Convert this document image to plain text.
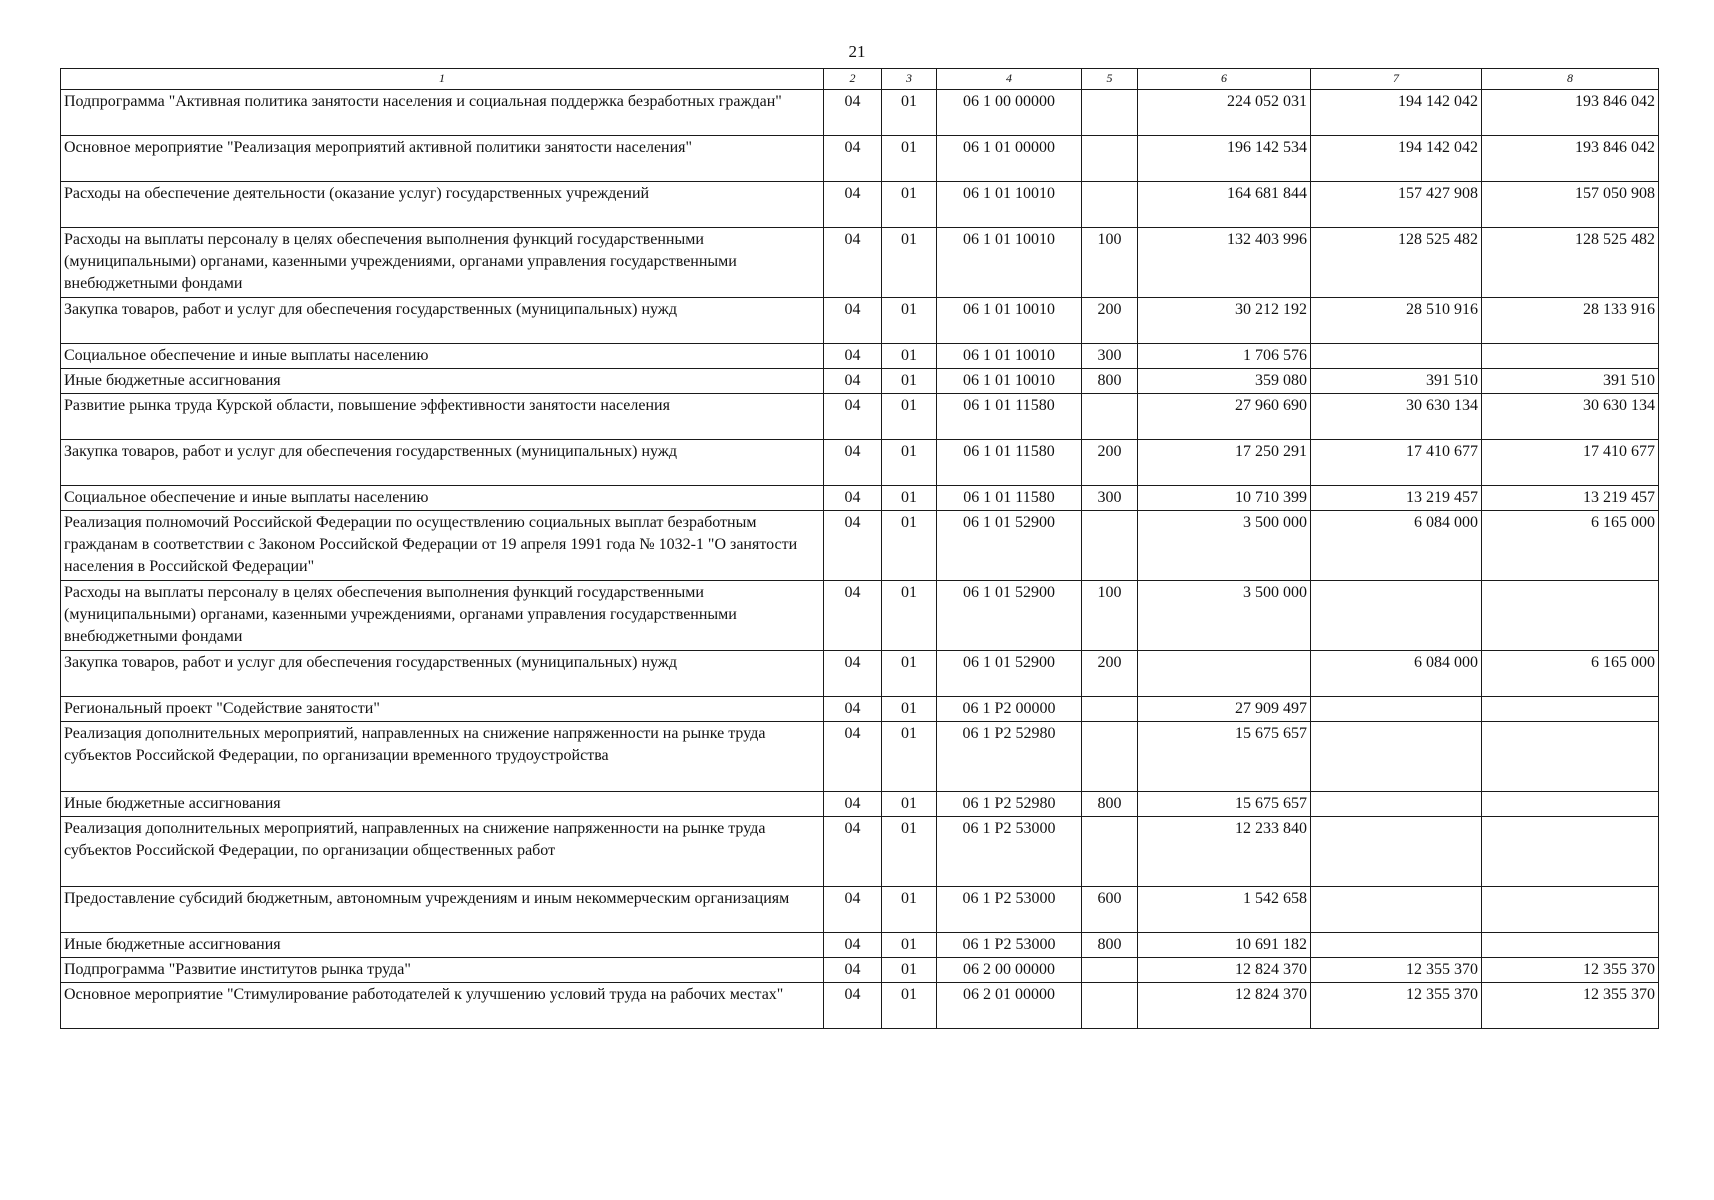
21
1	2	3	4	5	6	7	8
Подпрограмма "Активная политика занятости населения и социальная поддержка безработных граждан"	04	01	06 1 00 00000		224 052 031	194 142 042	193 846 042
Основное мероприятие "Реализация мероприятий активной политики занятости населения"	04	01	06 1 01 00000		196 142 534	194 142 042	193 846 042
Расходы на обеспечение деятельности (оказание услуг) государственных учреждений	04	01	06 1 01 10010		164 681 844	157 427 908	157 050 908
Расходы на выплаты персоналу в целях обеспечения выполнения функций государственными (муниципальными) органами, казенными учреждениями, органами управления государственными внебюджетными фондами	04	01	06 1 01 10010	100	132 403 996	128 525 482	128 525 482
Закупка товаров, работ и услуг для обеспечения государственных (муниципальных) нужд	04	01	06 1 01 10010	200	30 212 192	28 510 916	28 133 916
Социальное обеспечение и иные выплаты населению	04	01	06 1 01 10010	300	1 706 576		
Иные бюджетные ассигнования	04	01	06 1 01 10010	800	359 080	391 510	391 510
Развитие рынка труда Курской области, повышение эффективности занятости населения	04	01	06 1 01 11580		27 960 690	30 630 134	30 630 134
Закупка товаров, работ и услуг для обеспечения государственных (муниципальных) нужд	04	01	06 1 01 11580	200	17 250 291	17 410 677	17 410 677
Социальное обеспечение и иные выплаты населению	04	01	06 1 01 11580	300	10 710 399	13 219 457	13 219 457
Реализация полномочий Российской Федерации по осуществлению социальных выплат безработным гражданам в соответствии с Законом Российской Федерации от 19 апреля 1991 года № 1032-1 "О занятости населения в Российской Федерации"	04	01	06 1 01 52900		3 500 000	6 084 000	6 165 000
Расходы на выплаты персоналу в целях обеспечения выполнения функций государственными (муниципальными) органами, казенными учреждениями, органами управления государственными внебюджетными фондами	04	01	06 1 01 52900	100	3 500 000		
Закупка товаров, работ и услуг для обеспечения государственных (муниципальных) нужд	04	01	06 1 01 52900	200		6 084 000	6 165 000
Региональный проект "Содействие занятости"	04	01	06 1 P2 00000		27 909 497		
Реализация дополнительных мероприятий, направленных на снижение напряженности на рынке труда субъектов Российской Федерации, по организации временного трудоустройства	04	01	06 1 P2 52980		15 675 657		
Иные бюджетные ассигнования	04	01	06 1 P2 52980	800	15 675 657		
Реализация дополнительных мероприятий, направленных на снижение напряженности на рынке труда субъектов Российской Федерации, по организации общественных работ	04	01	06 1 P2 53000		12 233 840		
Предоставление субсидий бюджетным, автономным учреждениям и иным некоммерческим организациям	04	01	06 1 P2 53000	600	1 542 658		
Иные бюджетные ассигнования	04	01	06 1 P2 53000	800	10 691 182		
Подпрограмма "Развитие институтов рынка труда"	04	01	06 2 00 00000		12 824 370	12 355 370	12 355 370
Основное мероприятие "Стимулирование работодателей к улучшению условий труда на рабочих местах"	04	01	06 2 01 00000		12 824 370	12 355 370	12 355 370
